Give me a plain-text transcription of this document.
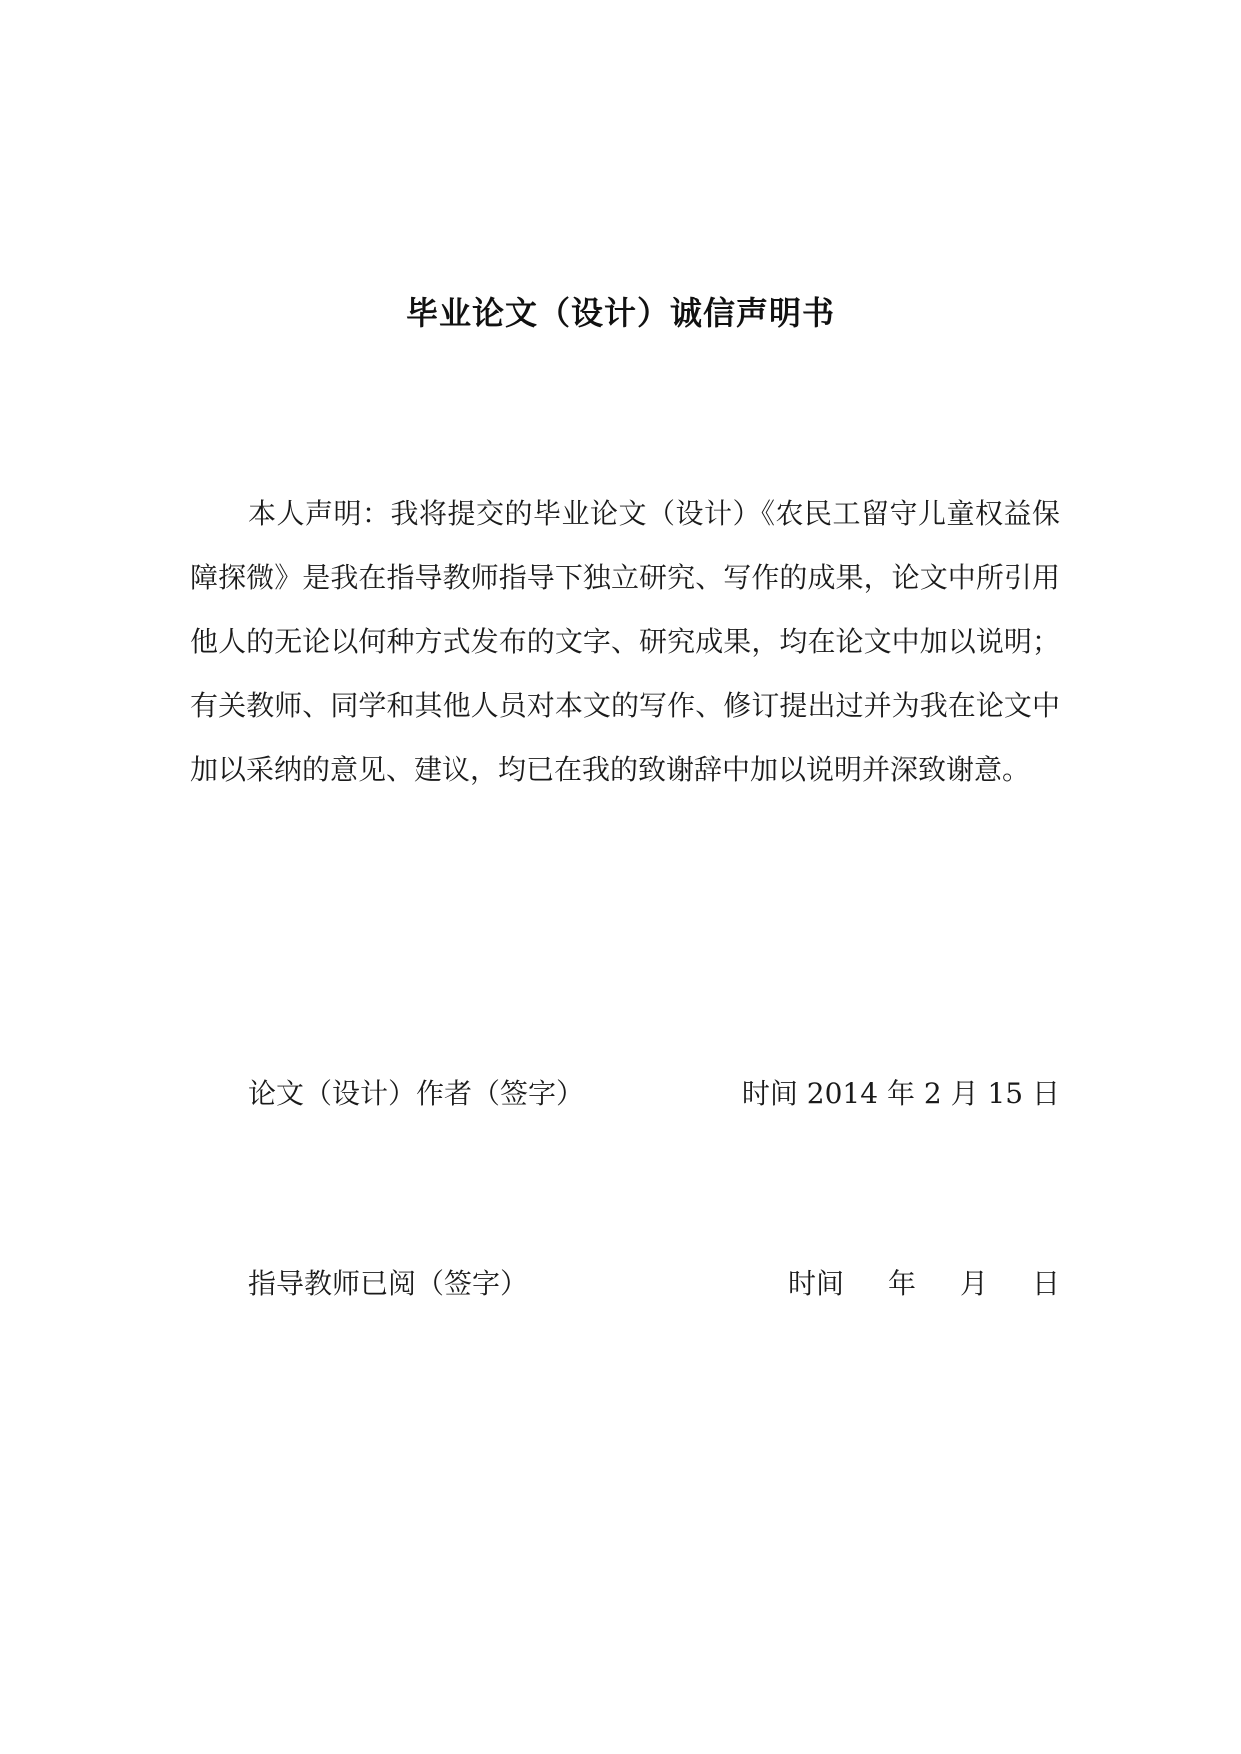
毕业论文（设计）诚信声明书

本人声明：我将提交的毕业论文（设计）《农民工留守儿童权益保障探微》是我在指导教师指导下独立研究、写作的成果，论文中所引用他人的无论以何种方式发布的文字、研究成果，均在论文中加以说明；有关教师、同学和其他人员对本文的写作、修订提出过并为我在论文中加以采纳的意见、建议，均已在我的致谢辞中加以说明并深致谢意。

论文（设计）作者（签字）	时间 2014 年 2 月 15 日
指导教师已阅（签字）	时间 年 月 日
